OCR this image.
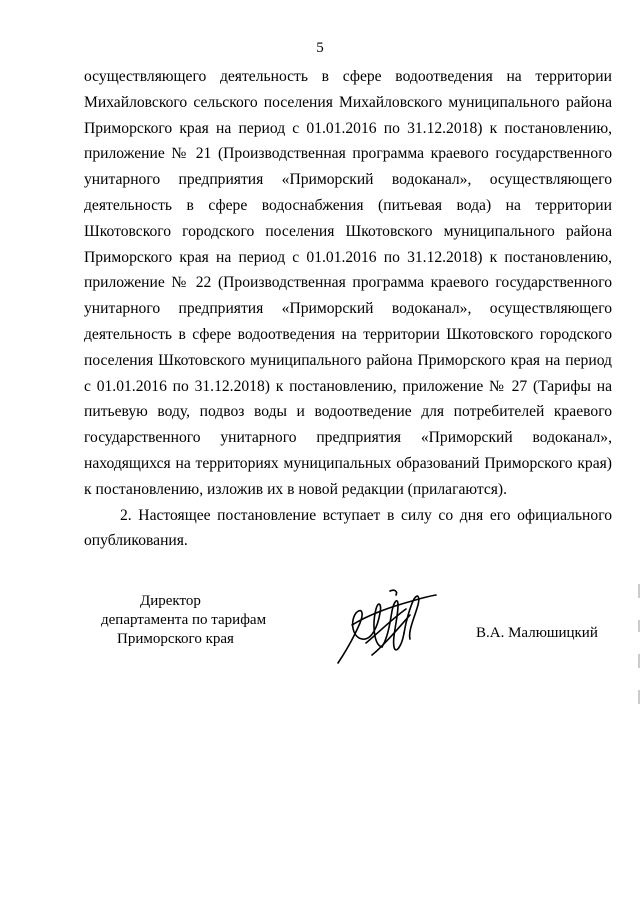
5

осуществляющего деятельность в сфере водоотведения на территории Михайловского сельского поселения Михайловского муниципального района Приморского края на период с 01.01.2016 по 31.12.2018) к постановлению, приложение № 21 (Производственная программа краевого государственного унитарного предприятия «Приморский водоканал», осуществляющего деятельность в сфере водоснабжения (питьевая вода) на территории Шкотовского городского поселения Шкотовского муниципального района Приморского края на период с 01.01.2016 по 31.12.2018) к постановлению, приложение № 22 (Производственная программа краевого государственного унитарного предприятия «Приморский водоканал», осуществляющего деятельность в сфере водоотведения на территории Шкотовского городского поселения Шкотовского муниципального района Приморского края на период с 01.01.2016 по 31.12.2018) к постановлению, приложение № 27 (Тарифы на питьевую воду, подвоз воды и водоотведение для потребителей краевого государственного унитарного предприятия «Приморский водоканал», находящихся на территориях муниципальных образований Приморского края) к постановлению, изложив их в новой редакции (прилагаются).

2. Настоящее постановление вступает в силу со дня его официального опубликования.

Директор
департамента по тарифам
Приморского края	В.А. Малюшицкий
